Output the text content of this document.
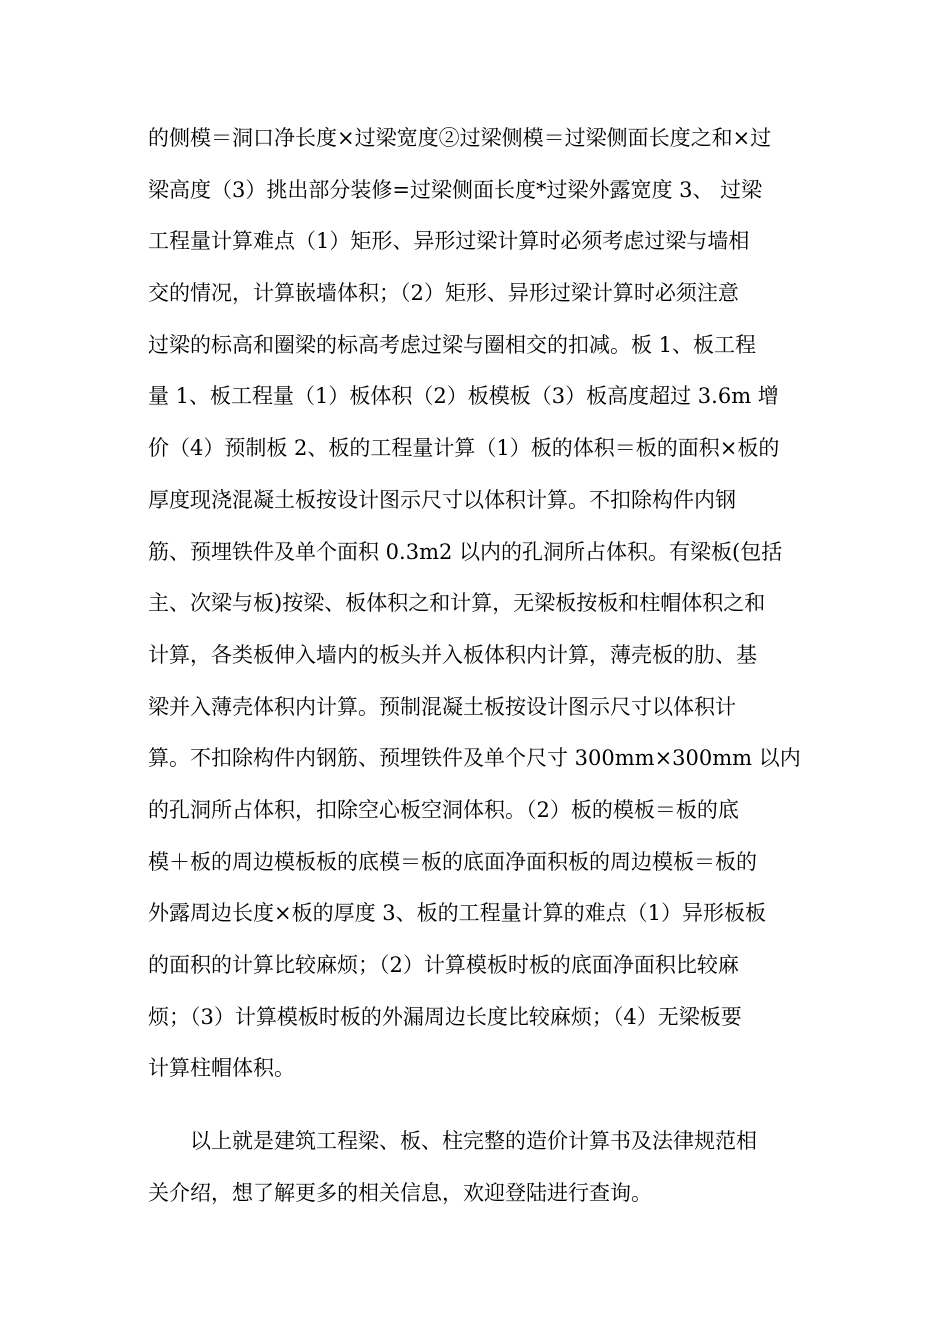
的侧模＝洞口净长度×过梁宽度②过梁侧模＝过梁侧面长度之和×过
梁高度（3）挑出部分装修=过梁侧面长度*过梁外露宽度 3、 过梁
工程量计算难点（1）矩形、异形过梁计算时必须考虑过梁与墙相
交的情况，计算嵌墙体积；（2）矩形、异形过梁计算时必须注意
过梁的标高和圈梁的标高考虑过梁与圈相交的扣减。板 1、板工程
量 1、板工程量（1）板体积（2）板模板（3）板高度超过 3.6m 增
价（4）预制板 2、板的工程量计算（1）板的体积＝板的面积×板的
厚度现浇混凝土板按设计图示尺寸以体积计算。不扣除构件内钢
筋、预埋铁件及单个面积 0.3m2 以内的孔洞所占体积。有梁板(包括
主、次梁与板)按梁、板体积之和计算，无梁板按板和柱帽体积之和
计算，各类板伸入墙内的板头并入板体积内计算，薄壳板的肋、基
梁并入薄壳体积内计算。预制混凝土板按设计图示尺寸以体积计
算。不扣除构件内钢筋、预埋铁件及单个尺寸 300mm×300mm 以内
的孔洞所占体积，扣除空心板空洞体积。（2）板的模板＝板的底
模＋板的周边模板板的底模＝板的底面净面积板的周边模板＝板的
外露周边长度×板的厚度 3、板的工程量计算的难点（1）异形板板
的面积的计算比较麻烦；（2）计算模板时板的底面净面积比较麻
烦；（3）计算模板时板的外漏周边长度比较麻烦；（4）无梁板要
计算柱帽体积。
以上就是建筑工程梁、板、柱完整的造价计算书及法律规范相
关介绍，想了解更多的相关信息，欢迎登陆进行查询。
